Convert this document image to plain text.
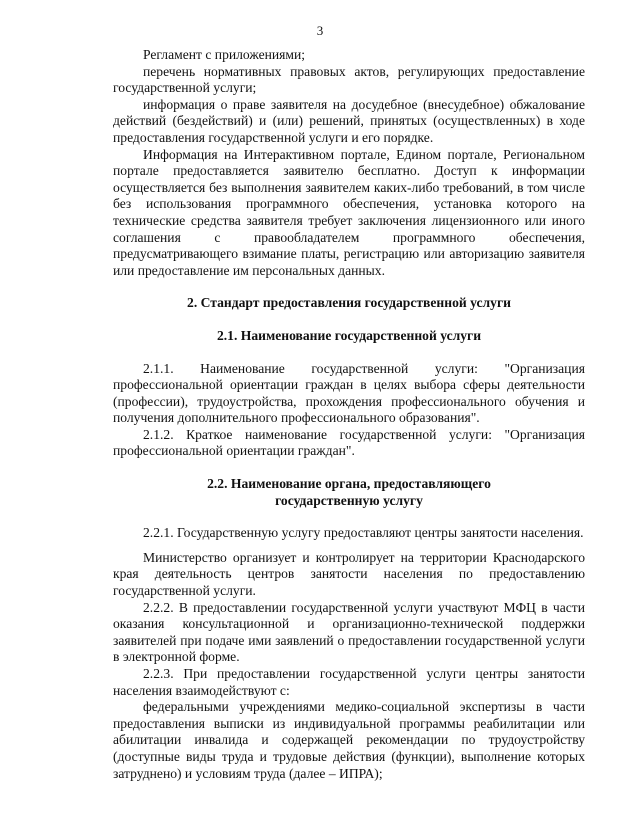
3

Регламент с приложениями;

перечень нормативных правовых актов, регулирующих предоставление государственной услуги;

информация о праве заявителя на досудебное (внесудебное) обжалование действий (бездействий) и (или) решений, принятых (осуществленных) в ходе предоставления государственной услуги и его порядке.

Информация на Интерактивном портале, Едином портале, Региональном портале предоставляется заявителю бесплатно. Доступ к информации осуществляется без выполнения заявителем каких-либо требований, в том числе без использования программного обеспечения, установка которого на технические средства заявителя требует заключения лицензионного или иного соглашения с правообладателем программного обеспечения, предусматривающего взимание платы, регистрацию или авторизацию заявителя или предоставление им персональных данных.

2. Стандарт предоставления государственной услуги

2.1. Наименование государственной услуги

2.1.1. Наименование государственной услуги: "Организация профессиональной ориентации граждан в целях выбора сферы деятельности (профессии), трудоустройства, прохождения профессионального обучения и получения дополнительного профессионального образования".

2.1.2. Краткое наименование государственной услуги: "Организация профессиональной ориентации граждан".

2.2. Наименование органа, предоставляющего

государственную услугу

2.2.1. Государственную услугу предоставляют центры занятости населения.

Министерство организует и контролирует на территории Краснодарского края деятельность центров занятости населения по предоставлению государственной услуги.

2.2.2. В предоставлении государственной услуги участвуют МФЦ в части оказания консультационной и организационно-технической поддержки заявителей при подаче ими заявлений о предоставлении государственной услуги в электронной форме.

2.2.3. При предоставлении государственной услуги центры занятости населения взаимодействуют с:

федеральными учреждениями медико-социальной экспертизы в части предоставления выписки из индивидуальной программы реабилитации или абилитации инвалида и содержащей рекомендации по трудоустройству (доступные виды труда и трудовые действия (функции), выполнение которых затруднено) и условиям труда (далее – ИПРА);
